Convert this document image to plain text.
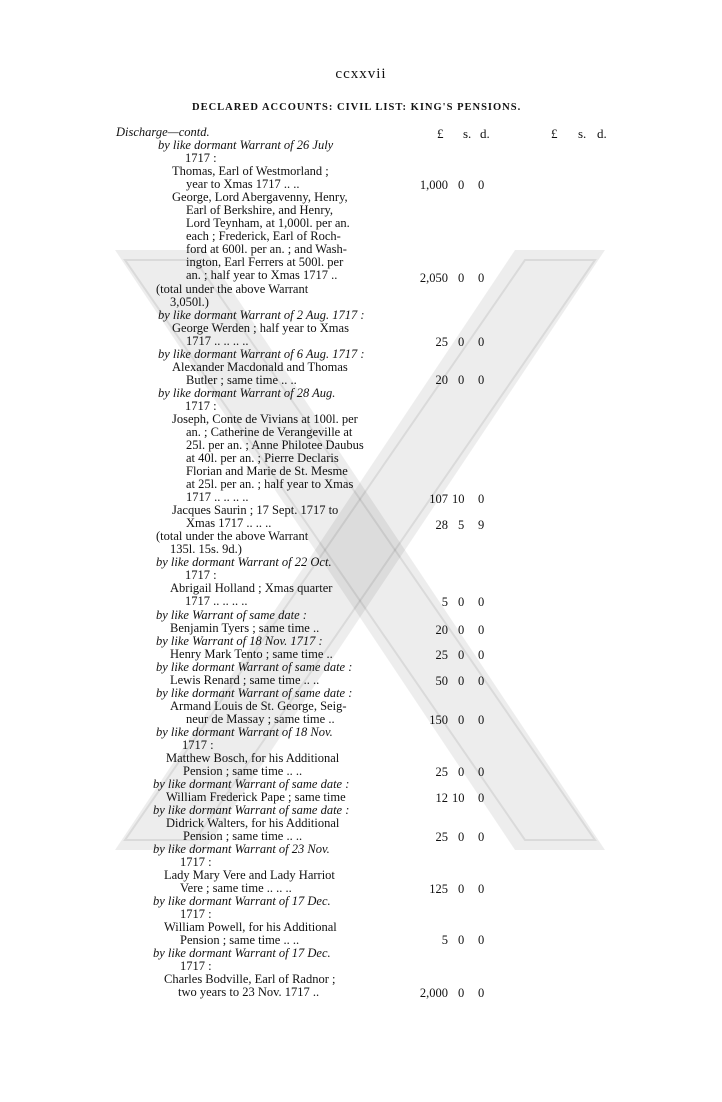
ccxxvii
DECLARED ACCOUNTS: CIVIL LIST: KING'S PENSIONS.
£ s. d.	£ s. d.
Discharge—contd.
by like dormant Warrant of 26 July
1717 :
Thomas, Earl of Westmorland ;
year to Xmas 1717 .. ..
George, Lord Abergavenny, Henry,
Earl of Berkshire, and Henry,
Lord Teynham, at 1,000l. per an.
each ; Frederick, Earl of Roch-
ford at 600l. per an. ; and Wash-
ington, Earl Ferrers at 500l. per
an. ; half year to Xmas 1717 ..
(total under the above Warrant
3,050l.)
by like dormant Warrant of 2 Aug. 1717 :
George Werden ; half year to Xmas
1717 .. .. .. ..
by like dormant Warrant of 6 Aug. 1717 :
Alexander Macdonald and Thomas
Butler ; same time .. ..
by like dormant Warrant of 28 Aug.
1717 :
Joseph, Conte de Vivians at 100l. per
an. ; Catherine de Verangeville at
25l. per an. ; Anne Philotee Daubus
at 40l. per an. ; Pierre Declaris
Florian and Marie de St. Mesme
at 25l. per an. ; half year to Xmas
1717 .. .. .. ..
Jacques Saurin ; 17 Sept. 1717 to
Xmas 1717 .. .. ..
(total under the above Warrant
135l. 15s. 9d.)
by like dormant Warrant of 22 Oct.
1717 :
Abrigail Holland ; Xmas quarter
1717 .. .. .. ..
by like Warrant of same date :
Benjamin Tyers ; same time ..
by like Warrant of 18 Nov. 1717 :
Henry Mark Tento ; same time ..
by like dormant Warrant of same date :
Lewis Renard ; same time .. ..
by like dormant Warrant of same date :
Armand Louis de St. George, Seig-
neur de Massay ; same time ..
by like dormant Warrant of 18 Nov.
1717 :
Matthew Bosch, for his Additional
Pension ; same time .. ..
by like dormant Warrant of same date :
William Frederick Pape ; same time
by like dormant Warrant of same date :
Didrick Walters, for his Additional
Pension ; same time .. ..
by like dormant Warrant of 23 Nov.
1717 :
Lady Mary Vere and Lady Harriot
Vere ; same time .. .. ..
by like dormant Warrant of 17 Dec.
1717 :
William Powell, for his Additional
Pension ; same time .. ..
by like dormant Warrant of 17 Dec.
1717 :
Charles Bodville, Earl of Radnor ;
two years to 23 Nov. 1717 ..
1,000 0 0
2,050 0 0
25 0 0
20 0 0
107 10 0
28 5 9
5 0 0
20 0 0
25 0 0
50 0 0
150 0 0
25 0 0
12 10 0
25 0 0
125 0 0
5 0 0
2,000 0 0
